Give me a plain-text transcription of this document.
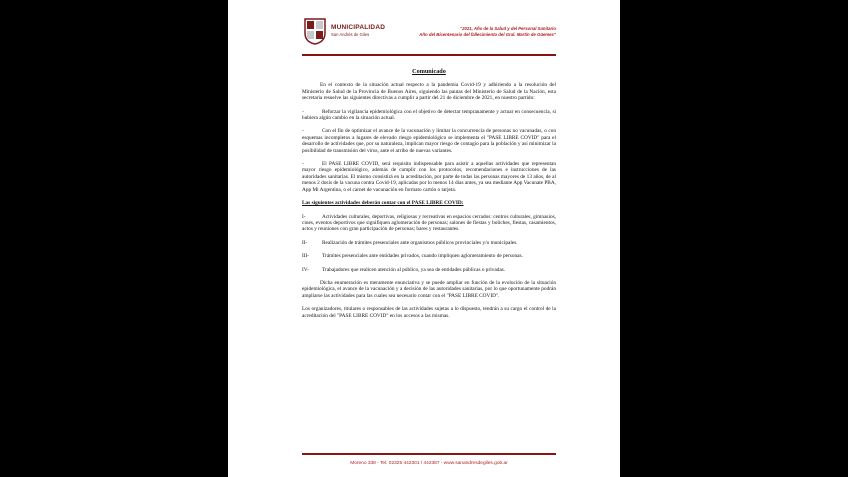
MUNICIPALIDAD
San Andrés de Giles
"2021, Año de la Salud y del Personal Sanitario
Año del Bicentenario del fallecimiento del Gral. Martín de Güemes"
Comunicado
En el contexto de la situación actual respecto a la pandemia Covid-19 y adhiriendo a la resolución del Ministerio de Salud de la Provincia de Buenos Aires, siguiendo las pautas del Ministerio de Salud de la Nación, esta secretaria resuelve las siguientes directivas a cumplir a partir del 21 de diciembre de 2021, en nuestro partido:
-	Reforzar la vigilancia epidemiológica con el objetivo de detectar tempranamente y actuar en consecuencia, si hubiera algún cambio en la situación actual.
-	Con el fin de optimizar el avance de la vacunación y limitar la concurrencia de personas no vacunadas, o con esquemas incompletos a lugares de elevado riesgo epidemiológico se implementa el "PASE LIBRE COVID" para el desarrollo de actividades que, por su naturaleza, implican mayor riesgo de contagio para la población y así minimizar la posibilidad de transmisión del virus, ante el arribo de nuevas variantes.
-	El PASE LIBRE COVID, será requisito indispensable para asistir a aquellas actividades que representan mayor riesgo epidemiológico, además de cumplir con los protocolos, recomendaciones e instrucciones de las autoridades sanitarias. El mismo consistirá en la acreditación, por parte de todas las personas mayores de 13 años, de al menos 2 dosis de la vacuna contra Covid-19, aplicadas por lo menos 14 días antes, ya sea mediante App Vacunate PBA, App Mi Argentina, o el carnet de vacunación en formato cartón o tarjeta.
Las siguientes actividades deberán contar con el PASE LIBRE COVID:
I-	Actividades culturales, deportivas, religiosas y recreativas en espacios cerrados: centros culturales, gimnasios, cines, eventos deportivos que signifiquen aglomeración de personas; salones de fiestas y boliches, fiestas, casamientos, actos y reuniones con gran participación de personas; bares y restaurantes.
II-	Realización de trámites presenciales ante organismos públicos provinciales y/o municipales.
III- Trámites presenciales ante entidades privados, cuando impliquen aglomeramiento de personas.
IV- Trabajadores que realicen atención al público, ya sea de entidades públicas o privadas.
Dicha enumeración es meramente enunciativa y se puede ampliar en función de la evolución de la situación epidemiológica, el avance de la vacunación y a decisión de las autoridades sanitarias, por lo que oportunamente podrán ampliarse las actividades para las cuales sea necesario contar con el "PASE LIBRE COVID".
Los organizadores, titulares o responsables de las actividades sujetas a lo dispuesto, tendrán a su cargo el control de la acreditación del "PASE LIBRE COVID" en los accesos a las mismas.
Moreno 338 - Tel. 02325 442301 / 442387 - www.sanandresdegiles.gob.ar
